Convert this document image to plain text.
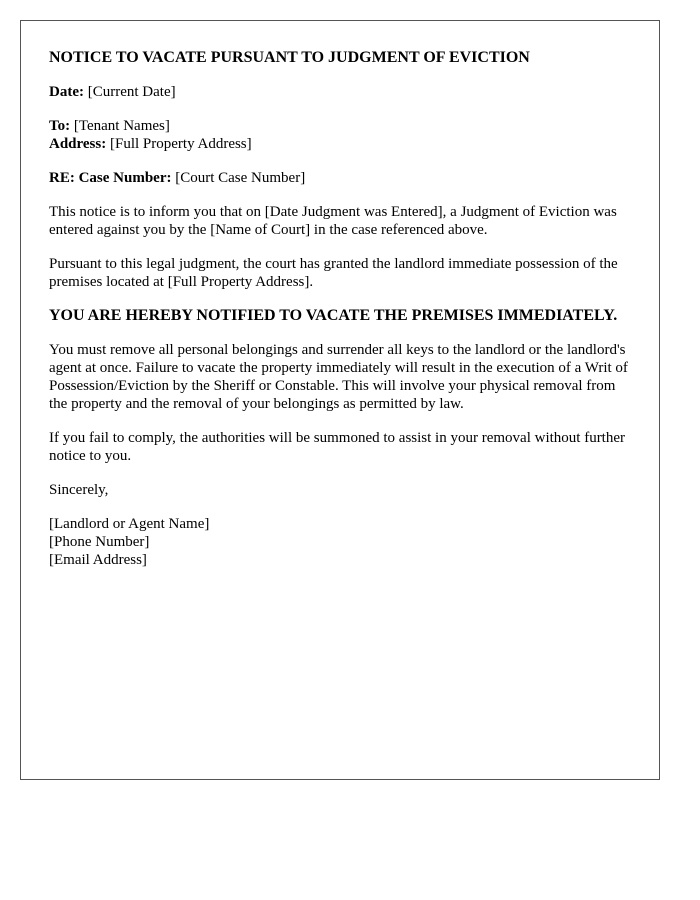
NOTICE TO VACATE PURSUANT TO JUDGMENT OF EVICTION
Date: [Current Date]
To: [Tenant Names]
Address: [Full Property Address]
RE: Case Number: [Court Case Number]
This notice is to inform you that on [Date Judgment was Entered], a Judgment of Eviction was entered against you by the [Name of Court] in the case referenced above.
Pursuant to this legal judgment, the court has granted the landlord immediate possession of the premises located at [Full Property Address].
YOU ARE HEREBY NOTIFIED TO VACATE THE PREMISES IMMEDIATELY.
You must remove all personal belongings and surrender all keys to the landlord or the landlord's agent at once. Failure to vacate the property immediately will result in the execution of a Writ of Possession/Eviction by the Sheriff or Constable. This will involve your physical removal from the property and the removal of your belongings as permitted by law.
If you fail to comply, the authorities will be summoned to assist in your removal without further notice to you.
Sincerely,
[Landlord or Agent Name]
[Phone Number]
[Email Address]
